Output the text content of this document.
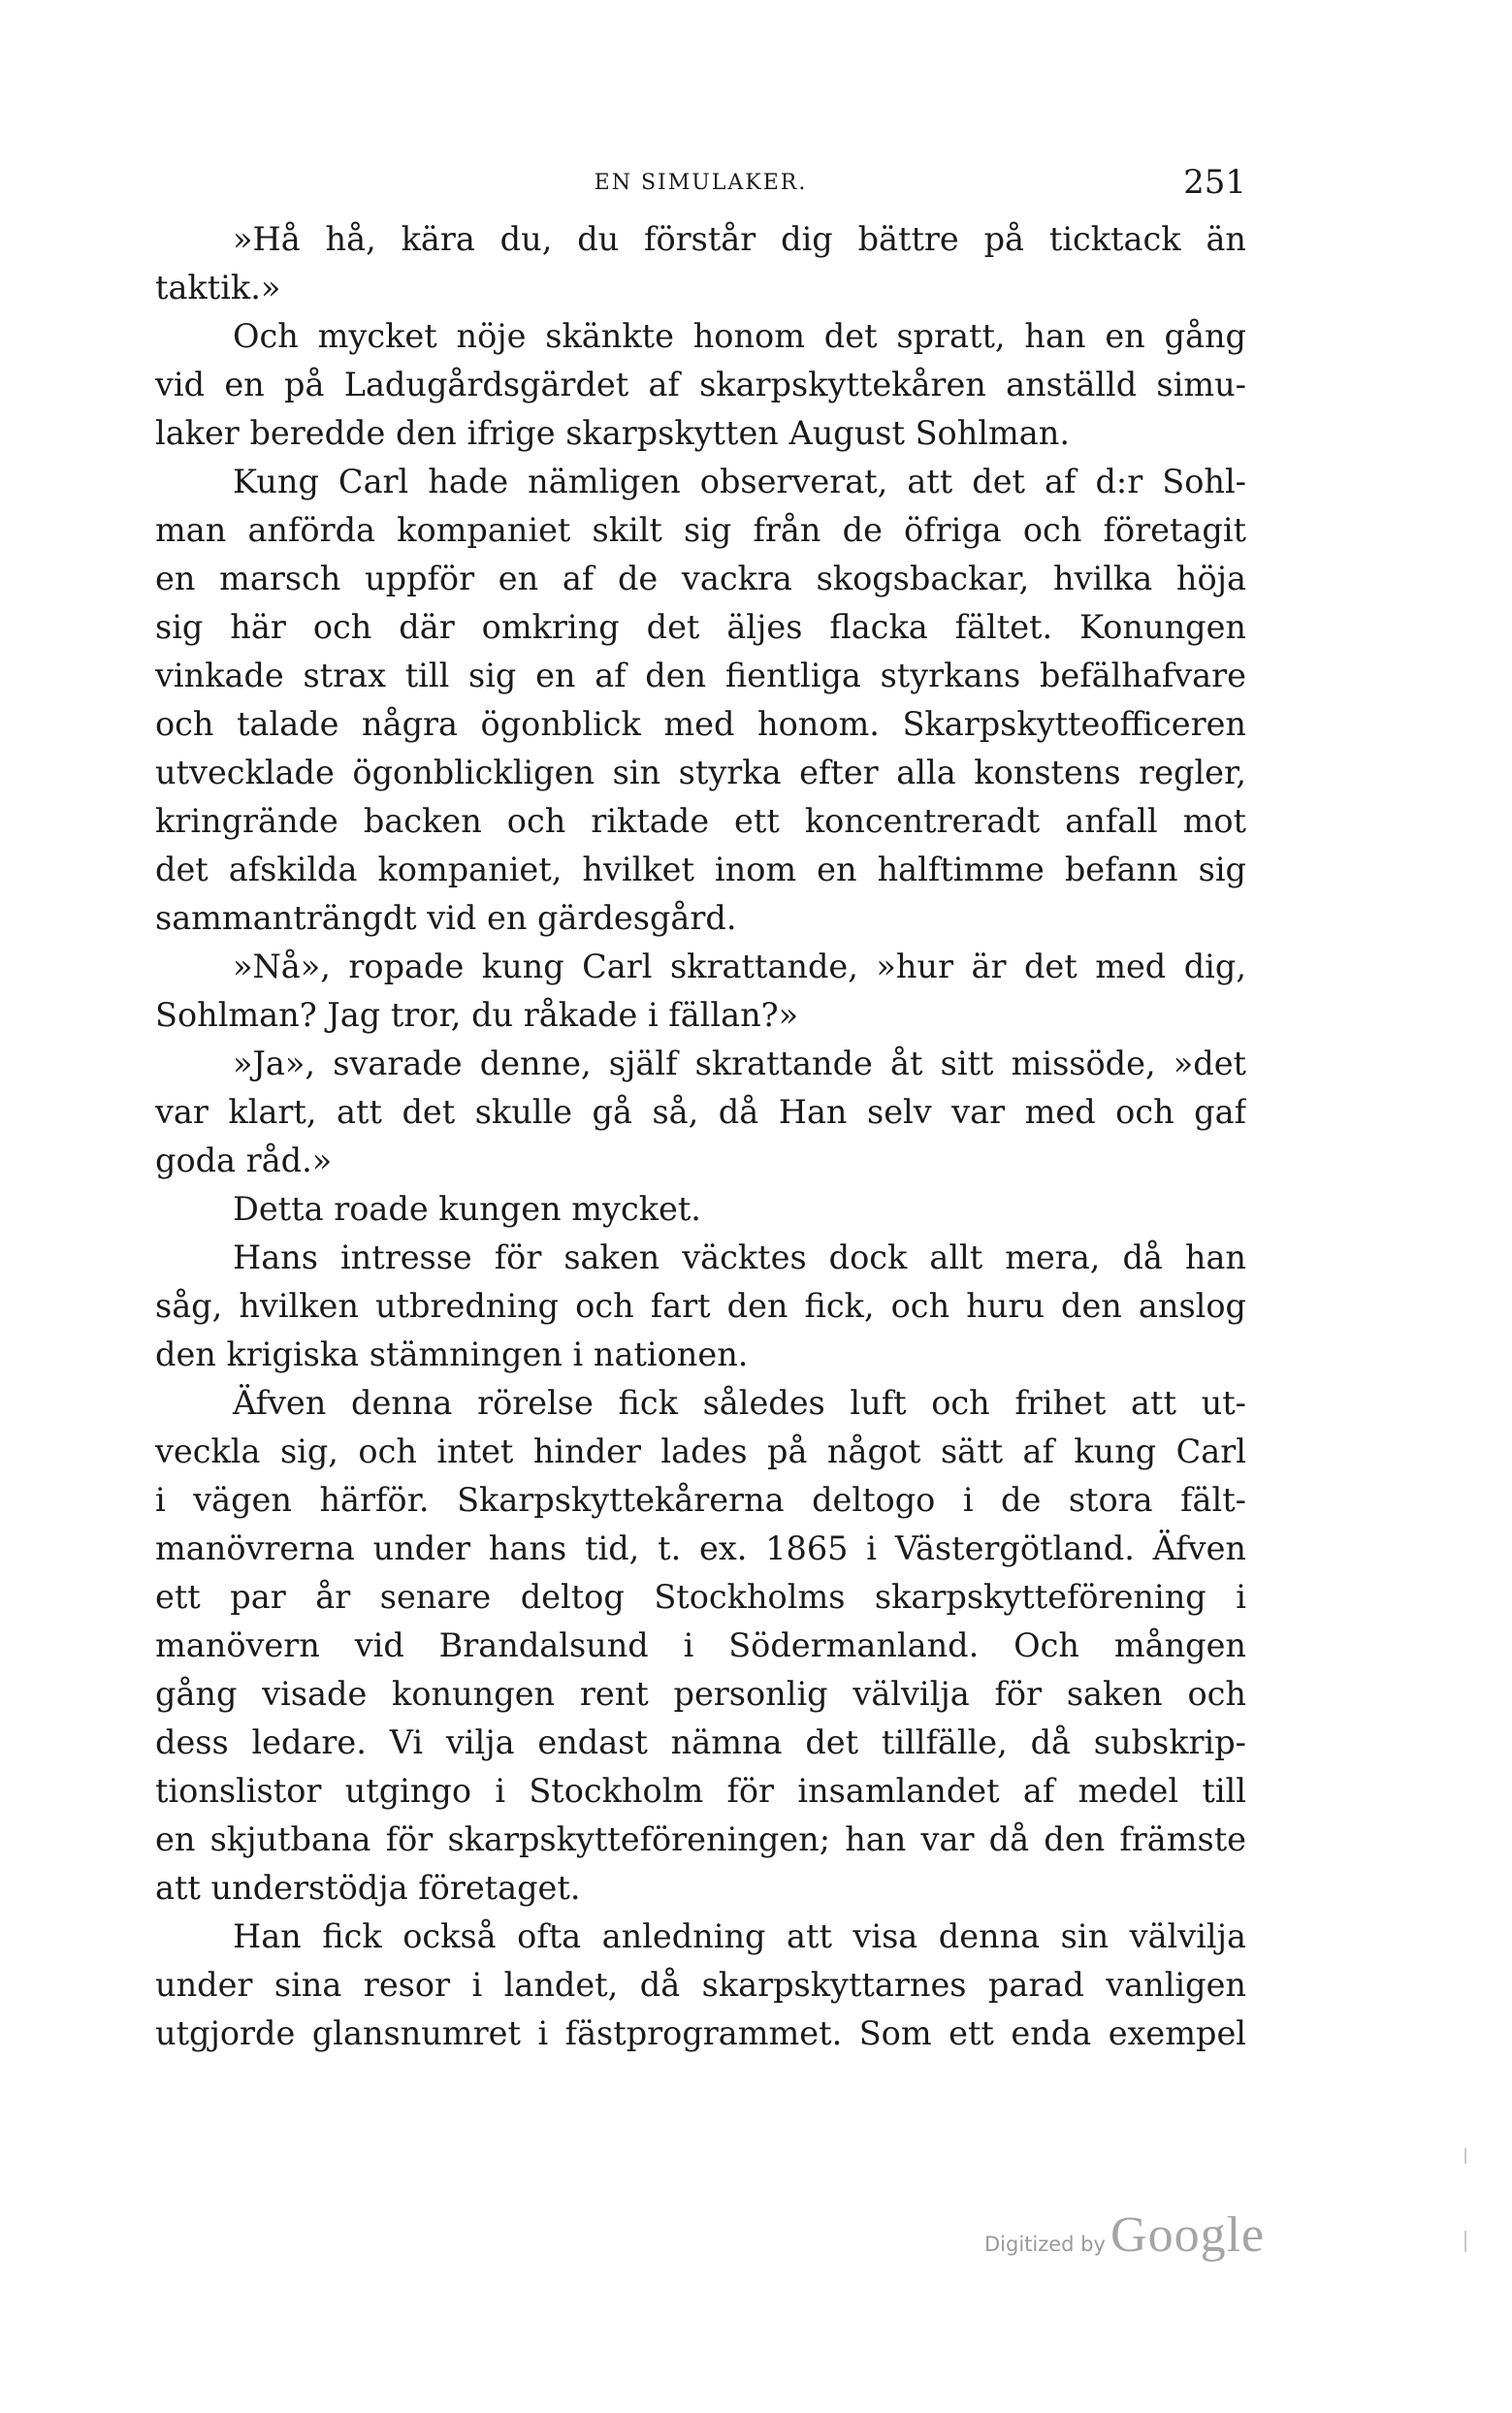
EN SIMULAKER.	251
»Hå hå, kära du, du förstår dig bättre på ticktack än
taktik.»
Och mycket nöje skänkte honom det spratt, han en gång
vid en på Ladugårdsgärdet af skarpskyttekåren anställd simu-
laker beredde den ifrige skarpskytten August Sohlman.
Kung Carl hade nämligen observerat, att det af d:r Sohl-
man anförda kompaniet skilt sig från de öfriga och företagit
en marsch uppför en af de vackra skogsbackar, hvilka höja
sig här och där omkring det äljes flacka fältet. Konungen
vinkade strax till sig en af den fientliga styrkans befälhafvare
och talade några ögonblick med honom. Skarpskytteofficeren
utvecklade ögonblickligen sin styrka efter alla konstens regler,
kringrände backen och riktade ett koncentreradt anfall mot
det afskilda kompaniet, hvilket inom en halftimme befann sig
sammanträngdt vid en gärdesgård.
»Nå», ropade kung Carl skrattande, »hur är det med dig,
Sohlman? Jag tror, du råkade i fällan?»
»Ja», svarade denne, själf skrattande åt sitt missöde, »det
var klart, att det skulle gå så, då Han selv var med och gaf
goda råd.»
Detta roade kungen mycket.
Hans intresse för saken väcktes dock allt mera, då han
såg, hvilken utbredning och fart den fick, och huru den anslog
den krigiska stämningen i nationen.
Äfven denna rörelse fick således luft och frihet att ut-
veckla sig, och intet hinder lades på något sätt af kung Carl
i vägen härför. Skarpskyttekårerna deltogo i de stora fält-
manövrerna under hans tid, t. ex. 1865 i Västergötland. Äfven
ett par år senare deltog Stockholms skarpskytteförening i
manövern vid Brandalsund i Södermanland. Och mången
gång visade konungen rent personlig välvilja för saken och
dess ledare. Vi vilja endast nämna det tillfälle, då subskrip-
tionslistor utgingo i Stockholm för insamlandet af medel till
en skjutbana för skarpskytteföreningen; han var då den främste
att understödja företaget.
Han fick också ofta anledning att visa denna sin välvilja
under sina resor i landet, då skarpskyttarnes parad vanligen
utgjorde glansnumret i fästprogrammet. Som ett enda exempel
Digitized by Google
